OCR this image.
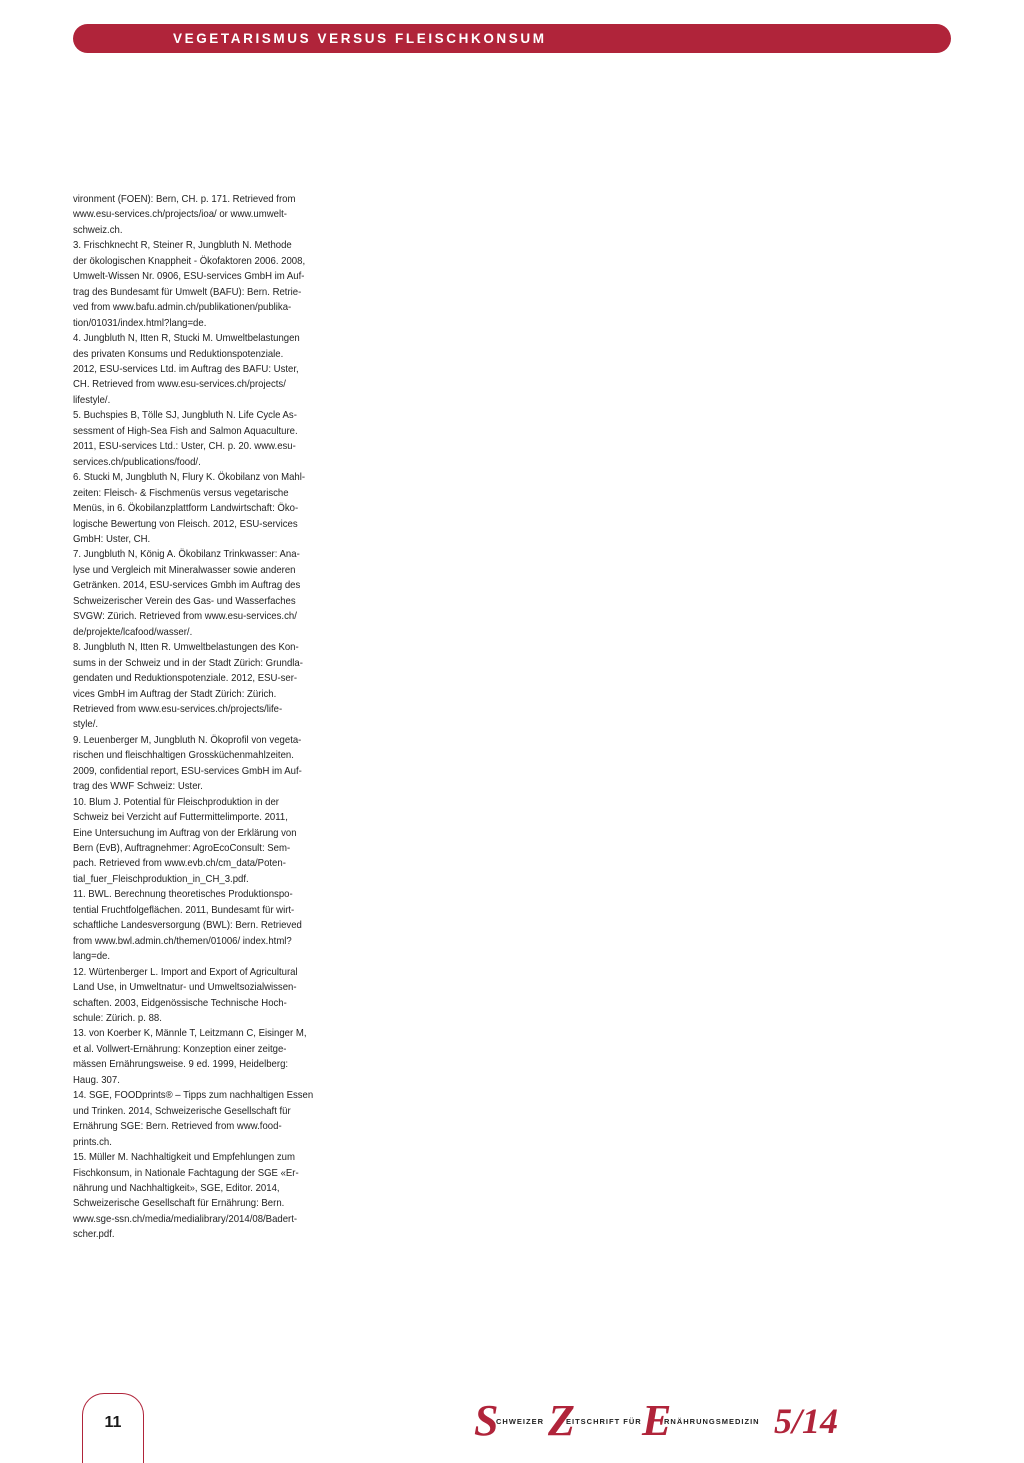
VEGETARISMUS VERSUS FLEISCHKONSUM
vironment (FOEN): Bern, CH. p. 171. Retrieved from
www.esu-services.ch/projects/ioa/ or www.umwelt-
schweiz.ch.
3. Frischknecht R, Steiner R, Jungbluth N. Methode
der ökologischen Knappheit - Ökofaktoren 2006. 2008,
Umwelt-Wissen Nr. 0906, ESU-services GmbH im Auf-
trag des Bundesamt für Umwelt (BAFU): Bern. Retrie-
ved from www.bafu.admin.ch/publikationen/publika-
tion/01031/index.html?lang=de.
4. Jungbluth N, Itten R, Stucki M. Umweltbelastungen
des privaten Konsums und Reduktionspotenziale.
2012, ESU-services Ltd. im Auftrag des BAFU: Uster,
CH. Retrieved from www.esu-services.ch/projects/
lifestyle/.
5. Buchspies B, Tölle SJ, Jungbluth N. Life Cycle As-
sessment of High-Sea Fish and Salmon Aquaculture.
2011, ESU-services Ltd.: Uster, CH. p. 20. www.esu-
services.ch/publications/food/.
6. Stucki M, Jungbluth N, Flury K. Ökobilanz von Mahl-
zeiten: Fleisch- & Fischmenüs versus vegetarische
Menüs, in 6. Ökobilanzplattform Landwirtschaft: Öko-
logische Bewertung von Fleisch. 2012, ESU-services
GmbH: Uster, CH.
7. Jungbluth N, König A. Ökobilanz Trinkwasser: Ana-
lyse und Vergleich mit Mineralwasser sowie anderen
Getränken. 2014, ESU-services Gmbh im Auftrag des
Schweizerischer Verein des Gas- und Wasserfaches
SVGW: Zürich. Retrieved from www.esu-services.ch/
de/projekte/lcafood/wasser/.
8. Jungbluth N, Itten R. Umweltbelastungen des Kon-
sums in der Schweiz und in der Stadt Zürich: Grundla-
gendaten und Reduktionspotenziale. 2012, ESU-ser-
vices GmbH im Auftrag der Stadt Zürich: Zürich.
Retrieved from www.esu-services.ch/projects/life-
style/.
9. Leuenberger M, Jungbluth N. Ökoprofil von vegeta-
rischen und fleischhaltigen Grossküchenmahlzeiten.
2009, confidential report, ESU-services GmbH im Auf-
trag des WWF Schweiz: Uster.
10. Blum J. Potential für Fleischproduktion in der
Schweiz bei Verzicht auf Futtermittelimporte. 2011,
Eine Untersuchung im Auftrag von der Erklärung von
Bern (EvB), Auftragnehmer: AgroEcoConsult: Sem-
pach. Retrieved from www.evb.ch/cm_data/Poten-
tial_fuer_Fleischproduktion_in_CH_3.pdf.
11. BWL. Berechnung theoretisches Produktionspo-
tential Fruchtfolgeflächen. 2011, Bundesamt für wirt-
schaftliche Landesversorgung (BWL): Bern. Retrieved
from www.bwl.admin.ch/themen/01006/ index.html?
lang=de.
12. Würtenberger L. Import and Export of Agricultural
Land Use, in Umweltnatur- und Umweltsozialwissen-
schaften. 2003, Eidgenössische Technische Hoch-
schule: Zürich. p. 88.
13. von Koerber K, Männle T, Leitzmann C, Eisinger M,
et al. Vollwert-Ernährung: Konzeption einer zeitge-
mässen Ernährungsweise. 9 ed. 1999, Heidelberg:
Haug. 307.
14. SGE, FOODprints® – Tipps zum nachhaltigen Essen
und Trinken. 2014, Schweizerische Gesellschaft für
Ernährung SGE: Bern. Retrieved from www.food-
prints.ch.
15. Müller M. Nachhaltigkeit und Empfehlungen zum
Fischkonsum, in Nationale Fachtagung der SGE «Er-
nährung und Nachhaltigkeit», SGE, Editor. 2014,
Schweizerische Gesellschaft für Ernährung: Bern.
www.sge-ssn.ch/media/medialibrary/2014/08/Badert-
scher.pdf.
11	S
CHWEIZER Z
EITSCHRIFT FÜR E
RNÄHRUNGSMEDIZIN 5/14
